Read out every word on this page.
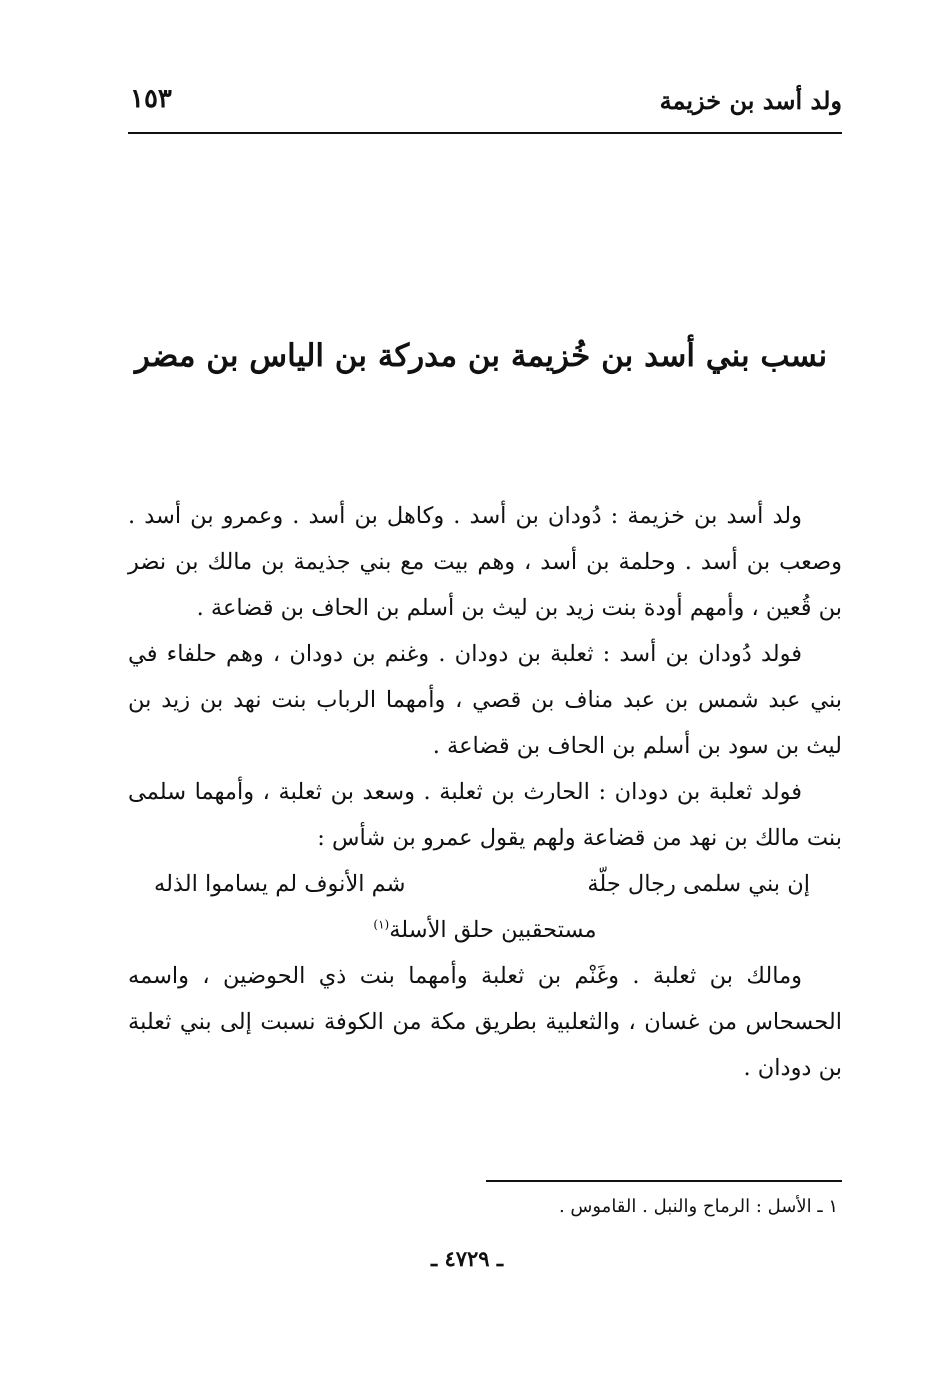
ولد أسد بن خزيمة
١٥٣
نسب بني أسد بن خُزيمة بن مدركة بن الياس بن مضر

ولد أسد بن خزيمة : دُودان بن أسد . وكاهل بن أسد . وعمرو بن أسد . وصعب بن أسد . وحلمة بن أسد ، وهم بيت مع بني جذيمة بن مالك بن نضر بن قُعين ، وأمهم أودة بنت زيد بن ليث بن أسلم بن الحاف بن قضاعة .

فولد دُودان بن أسد : ثعلبة بن دودان . وغنم بن دودان ، وهم حلفاء في بني عبد شمس بن عبد مناف بن قصي ، وأمهما الرباب بنت نهد بن زيد بن ليث بن سود بن أسلم بن الحاف بن قضاعة .

فولد ثعلبة بن دودان : الحارث بن ثعلبة . وسعد بن ثعلبة ، وأمهما سلمى بنت مالك بن نهد من قضاعة ولهم يقول عمرو بن شأس :

إن بني سلمى رجال جلّة
شم الأنوف لم يساموا الذله
مستحقبين حلق الأسلة$^{(١)}$

ومالك بن ثعلبة . وغَنْم بن ثعلبة وأمهما بنت ذي الحوضين ، واسمه الحسحاس من غسان ، والثعلبية بطريق مكة من الكوفة نسبت إلى بني ثعلبة بن دودان .

١ ـ الأسل : الرماح والنبل . القاموس .
ـ ٤٧٢٩ ـ
